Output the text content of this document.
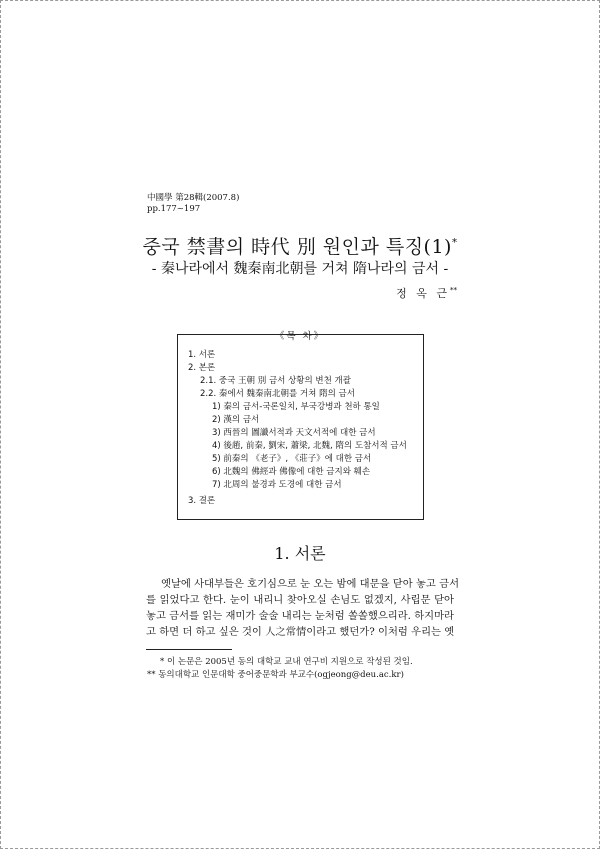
中國學 第28輯(2007.8)
pp.177~197
중국 禁書의 時代 別 원인과 특징(1)*
- 秦나라에서 魏秦南北朝를 거쳐 隋나라의 금서 -
정 옥 근**
《목 차》
1. 서론
2. 본론
2.1. 중국 王朝 別 금서 상황의 변천 개괄
2.2. 秦에서 魏秦南北朝를 거쳐 隋의 금서
1) 秦의 금서-국론일치, 부국강병과 천하 통일
2) 漢의 금서
3) 西晉의 圖讖서적과 天文서적에 대한 금서
4) 後趙, 前秦, 劉宋, 蕭梁, 北魏, 隋의 도참서적 금서
5) 前秦의 《老子》, 《莊子》에 대한 금서
6) 北魏의 佛經과 佛像에 대한 금지와 훼손
7) 北周의 불경과 도경에 대한 금서
3. 결론
1. 서론
옛날에 사대부들은 호기심으로 눈 오는 밤에 대문을 닫아 놓고 금서
를 읽었다고 한다. 눈이 내리니 찾아오실 손님도 없겠지, 사립문 닫아
놓고 금서를 읽는 재미가 술술 내리는 눈처럼 쏠쏠했으리라. 하지마라
고 하면 더 하고 싶은 것이 人之常情이라고 했던가? 이처럼 우리는 옛
* 이 논문은 2005년 동의 대학교 교내 연구비 지원으로 작성된 것임.
** 동의대학교 인문대학 중어중문학과 부교수(ogjeong@deu.ac.kr)
